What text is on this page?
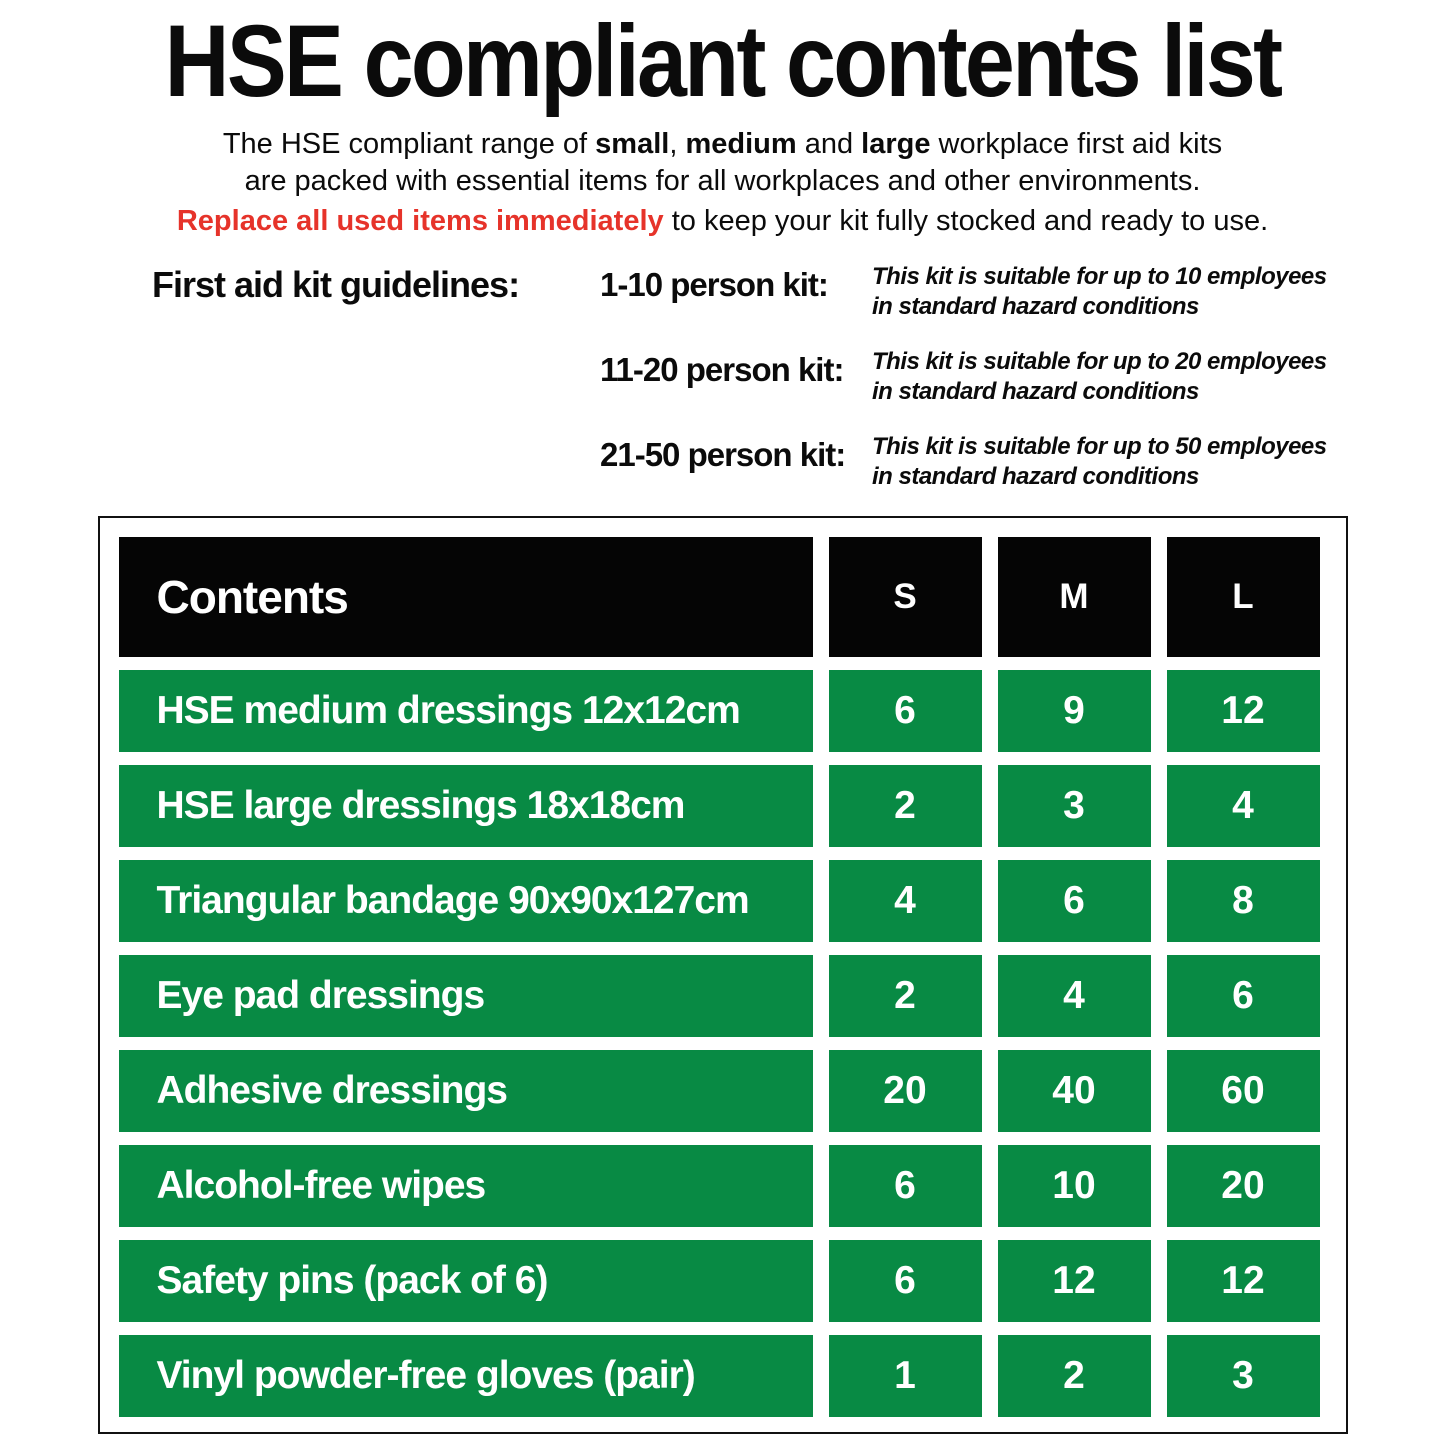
HSE compliant contents list

The HSE compliant range of small, medium and large workplace first aid kits
are packed with essential items for all workplaces and other environments.

Replace all used items immediately to keep your kit fully stocked and ready to use.

First aid kit guidelines:	1-10 person kit:	This kit is suitable for up to 10 employees
in standard hazard conditions
11-20 person kit:	This kit is suitable for up to 20 employees
in standard hazard conditions
21-50 person kit:	This kit is suitable for up to 50 employees
in standard hazard conditions
Contents	S	M	L
HSE medium dressings 12x12cm	6	9	12
HSE large dressings 18x18cm	2	3	4
Triangular bandage 90x90x127cm	4	6	8
Eye pad dressings	2	4	6
Adhesive dressings	20	40	60
Alcohol-free wipes	6	10	20
Safety pins (pack of 6)	6	12	12
Vinyl powder-free gloves (pair)	1	2	3
